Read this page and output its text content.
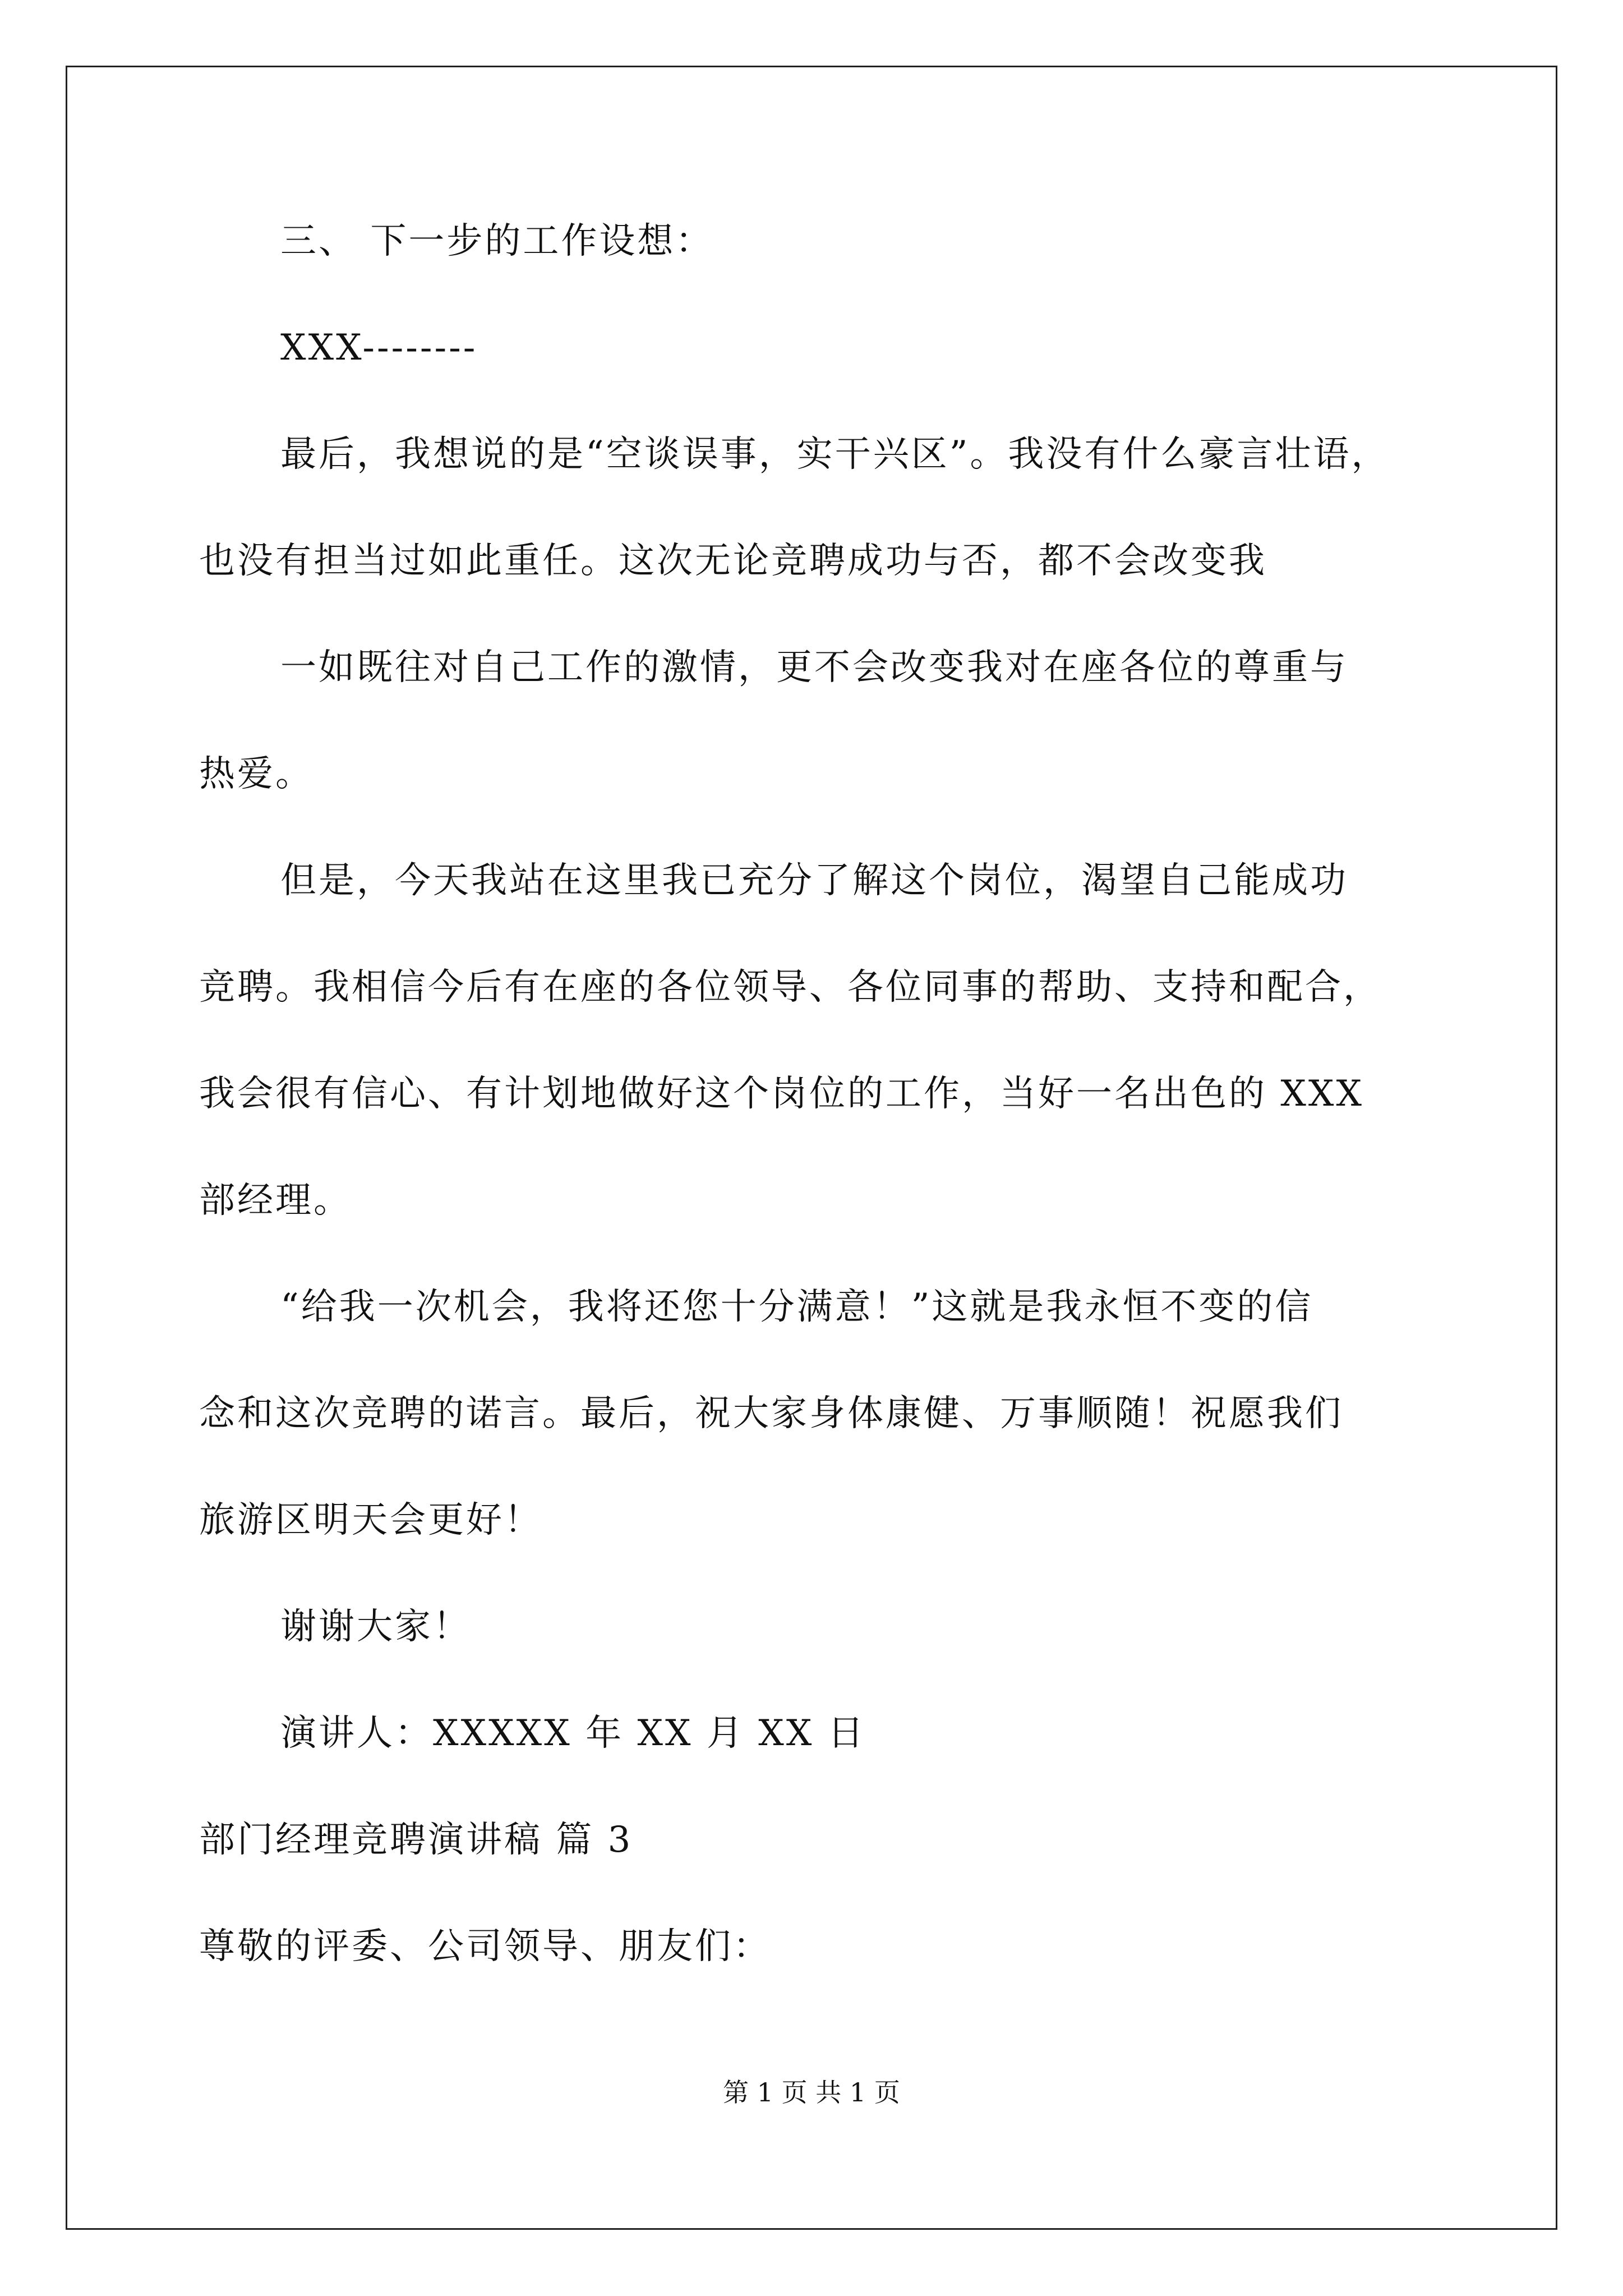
三、 下一步的工作设想：
XXX--------
最后，我想说的是“空谈误事，实干兴区”。我没有什么豪言壮语，
也没有担当过如此重任。这次无论竞聘成功与否，都不会改变我
一如既往对自己工作的激情，更不会改变我对在座各位的尊重与
热爱。
但是，今天我站在这里我已充分了解这个岗位，渴望自己能成功
竞聘。我相信今后有在座的各位领导、各位同事的帮助、支持和配合，
我会很有信心、有计划地做好这个岗位的工作，当好一名出色的 XXX
部经理。
“给我一次机会，我将还您十分满意！”这就是我永恒不变的信
念和这次竞聘的诺言。最后，祝大家身体康健、万事顺随！祝愿我们
旅游区明天会更好！
谢谢大家！
演讲人：XXXXX 年 XX 月 XX 日
部门经理竞聘演讲稿 篇 3
尊敬的评委、公司领导、朋友们：
第 1 页 共 1 页
